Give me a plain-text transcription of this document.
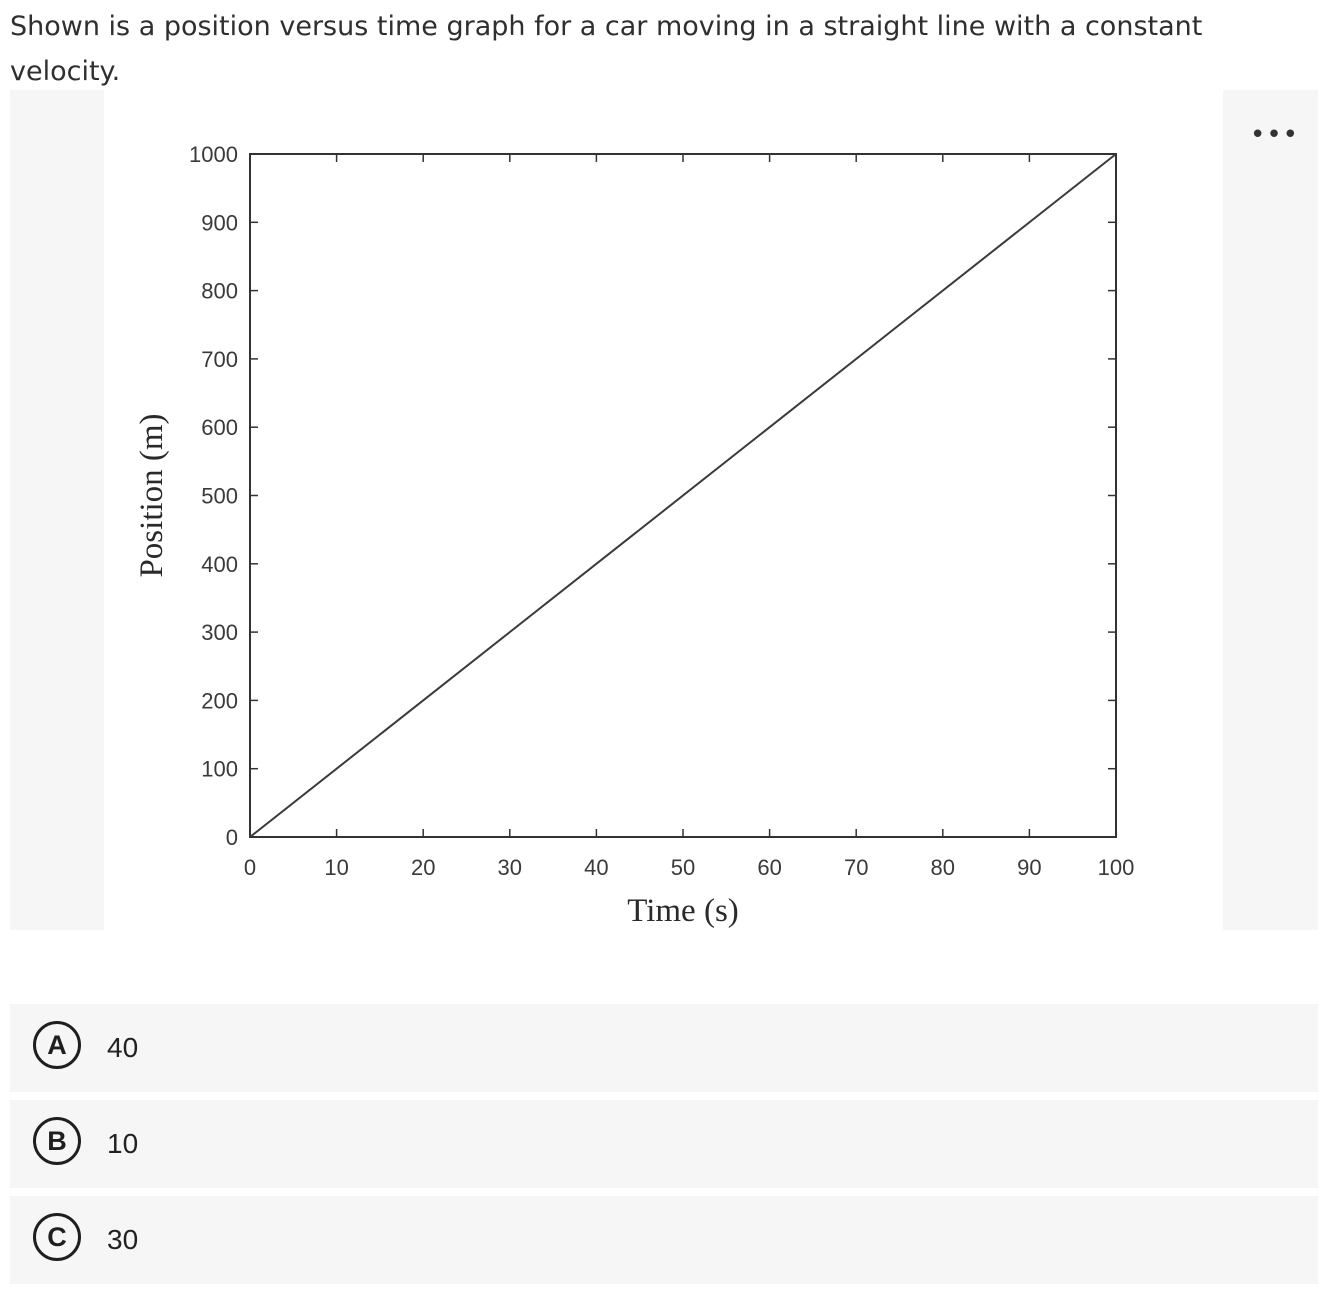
Shown is a position versus time graph for a car moving in a straight line with a constant velocity.
•••
0	10	20	30	40	50	60	70	80	90	100
0
100
200
300
400
500
600
700
800
900
1000
Time (s)
Position (m)
A	40
B	10
C	30
